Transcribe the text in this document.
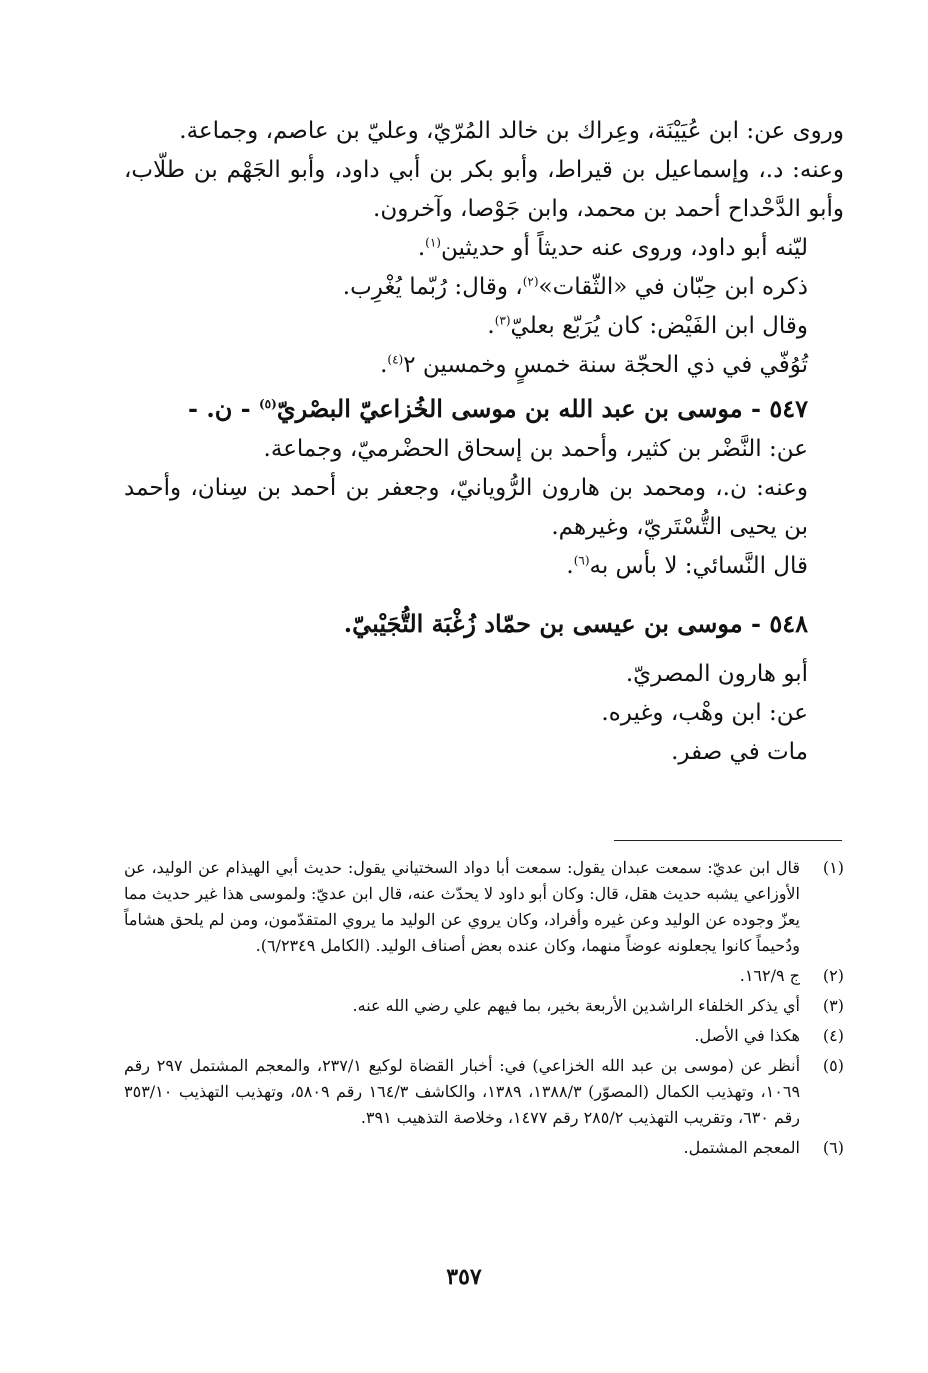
وروى عن: ابن عُيَيْنَة، وعِراك بن خالد المُرّيّ، وعليّ بن عاصم، وجماعة.

وعنه: د.، وإسماعيل بن قيراط، وأبو بكر بن أبي داود، وأبو الجَهْم بن طلّاب، وأبو الدَّحْداح أحمد بن محمد، وابن جَوْصا، وآخرون.

ليّنه أبو داود، وروى عنه حديثاً أو حديثين$^{(١)}$.

ذكره ابن حِبّان في «الثّقات»$^{(٢)}$، وقال: رُبّما يُغْرِب.

وقال ابن الفَيْض: كان يُرَبّع بعليّ$^{(٣)}$.

تُوُفّي في ذي الحجّة سنة خمسٍ وخمسين ٢$^{(٤)}$.

٥٤٧ - موسى بن عبد الله بن موسى الخُزاعيّ البصْريّ$^{(٥)}$ - ن. -

عن: النَّضْر بن كثير، وأحمد بن إسحاق الحضْرميّ، وجماعة.

وعنه: ن.، ومحمد بن هارون الرُّويانيّ، وجعفر بن أحمد بن سِنان، وأحمد بن يحيى التُّسْتَريّ، وغيرهم.

قال النَّسائي: لا بأس به$^{(٦)}$.

٥٤٨ - موسى بن عيسى بن حمّاد زُغْبَة التُّجَيْبيّ.

أبو هارون المصريّ.

عن: ابن وهْب، وغيره.

مات في صفر.

(١)
قال ابن عديّ: سمعت عبدان يقول: سمعت أبا دواد السختياني يقول: حديث أبي الهيذام عن الوليد، عن الأوزاعي يشبه حديث هقل، قال: وكان أبو داود لا يحدّث عنه، قال ابن عديّ: ولموسى هذا غير حديث مما يعزّ وجوده عن الوليد وعن غيره وأفراد، وكان يروي عن الوليد ما يروي المتقدّمون، ومن لم يلحق هشاماً ودُحيماً كانوا يجعلونه عوضاً منهما، وكان عنده بعض أصناف الوليد. (الكامل ٦/٢٣٤٩).
(٢)
ج ١٦٢/٩.
(٣)
أي يذكر الخلفاء الراشدين الأربعة بخير، بما فيهم علي رضي الله عنه.
(٤)
هكذا في الأصل.
(٥)
أنظر عن (موسى بن عبد الله الخزاعي) في: أخبار القضاة لوكيع ٢٣٧/١، والمعجم المشتمل ٢٩٧ رقم ١٠٦٩، وتهذيب الكمال (المصوّر) ١٣٨٨/٣، ١٣٨٩، والكاشف ١٦٤/٣ رقم ٥٨٠٩، وتهذيب التهذيب ٣٥٣/١٠ رقم ٦٣٠، وتقريب التهذيب ٢٨٥/٢ رقم ١٤٧٧، وخلاصة التذهيب ٣٩١.
(٦)
المعجم المشتمل.
٣٥٧
